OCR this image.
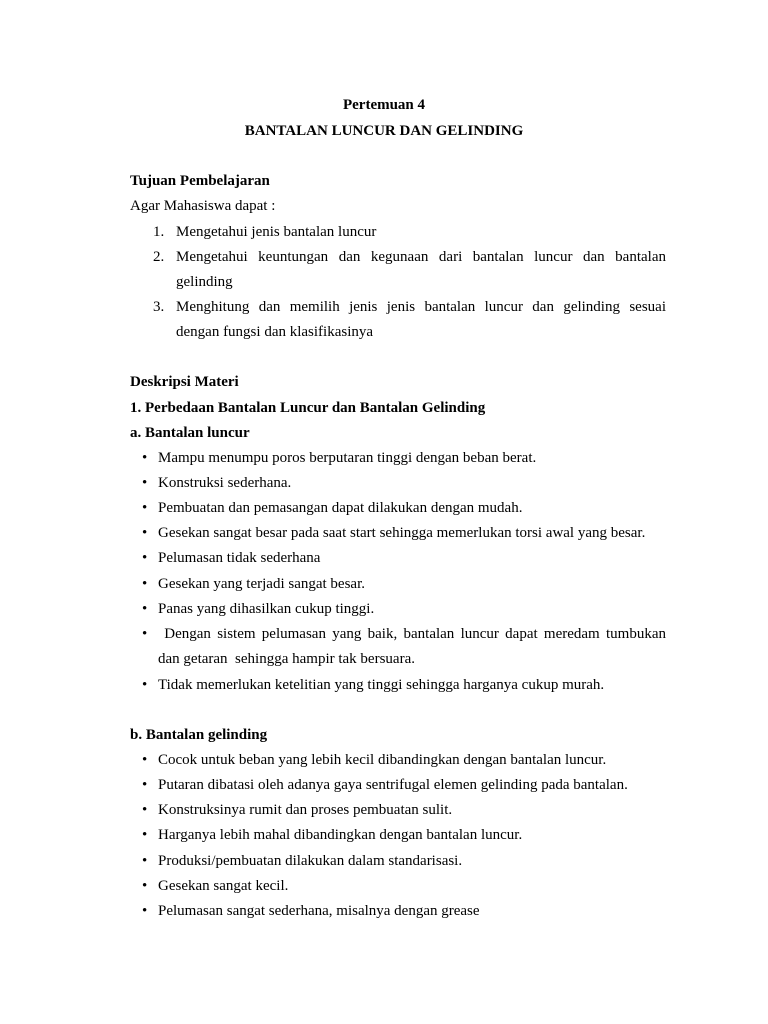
Pertemuan 4
BANTALAN LUNCUR DAN GELINDING
Tujuan Pembelajaran
Agar Mahasiswa dapat :
1. Mengetahui jenis bantalan luncur
2. Mengetahui keuntungan dan kegunaan dari bantalan luncur dan bantalan
gelinding
3. Menghitung dan memilih jenis jenis bantalan luncur dan gelinding sesuai
dengan fungsi dan klasifikasinya
Deskripsi Materi
1. Perbedaan Bantalan Luncur dan Bantalan Gelinding
a. Bantalan luncur
• Mampu menumpu poros berputaran tinggi dengan beban berat.
• Konstruksi sederhana.
• Pembuatan dan pemasangan dapat dilakukan dengan mudah.
• Gesekan sangat besar pada saat start sehingga memerlukan torsi awal yang besar.
• Pelumasan tidak sederhana
• Gesekan yang terjadi sangat besar.
• Panas yang dihasilkan cukup tinggi.
• Dengan sistem pelumasan yang baik, bantalan luncur dapat meredam tumbukan
dan getaran  sehingga hampir tak bersuara.
• Tidak memerlukan ketelitian yang tinggi sehingga harganya cukup murah.
b. Bantalan gelinding
• Cocok untuk beban yang lebih kecil dibandingkan dengan bantalan luncur.
• Putaran dibatasi oleh adanya gaya sentrifugal elemen gelinding pada bantalan.
• Konstruksinya rumit dan proses pembuatan sulit.
• Harganya lebih mahal dibandingkan dengan bantalan luncur.
• Produksi/pembuatan dilakukan dalam standarisasi.
• Gesekan sangat kecil.
• Pelumasan sangat sederhana, misalnya dengan grease
